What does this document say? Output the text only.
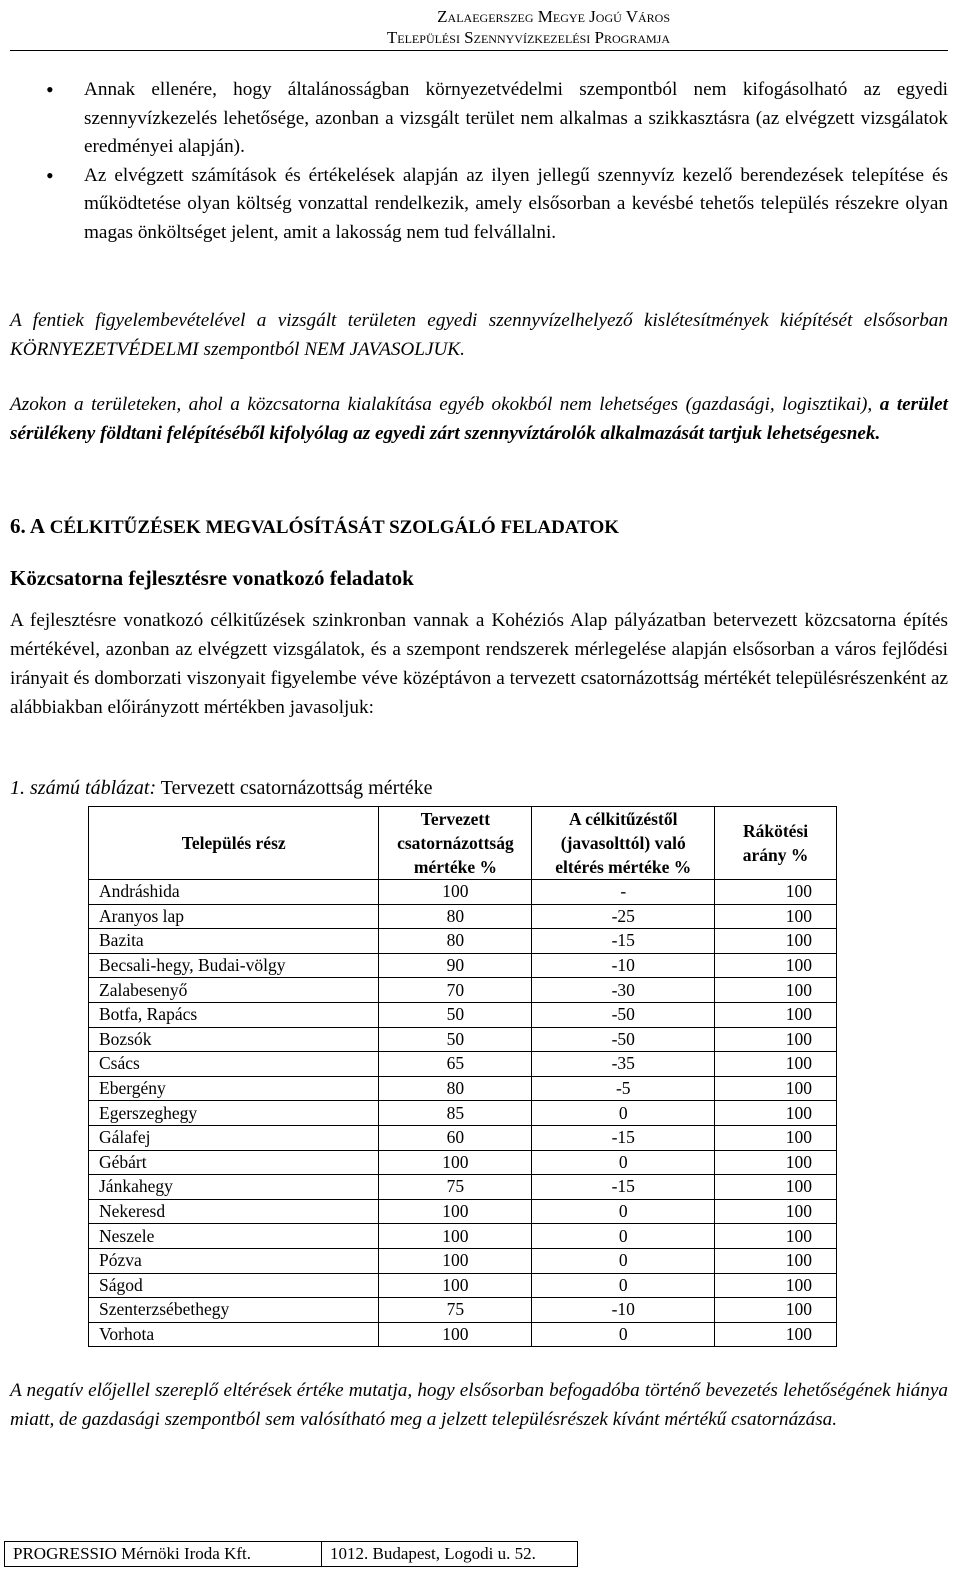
Zalaegerszeg Megye Jogú Város
Települési Szennyvízkezelési Programja
• Annak ellenére, hogy általánosságban környezetvédelmi szempontból nem kifogásolható az egyedi szennyvízkezelés lehetősége, azonban a vizsgált terület nem alkalmas a szikkasztásra (az elvégzett vizsgálatok eredményei alapján).
• Az elvégzett számítások és értékelések alapján az ilyen jellegű szennyvíz kezelő berendezések telepítése és működtetése olyan költség vonzattal rendelkezik, amely elsősorban a kevésbé tehetős település részekre olyan magas önköltséget jelent, amit a lakosság nem tud felvállalni.

A fentiek figyelembevételével a vizsgált területen egyedi szennyvízelhelyező kislétesítmények kiépítését elsősorban KÖRNYEZETVÉDELMI szempontból NEM JAVASOLJUK.

Azokon a területeken, ahol a közcsatorna kialakítása egyéb okokból nem lehetséges (gazdasági, logisztikai), a terület sérülékeny földtani felépítéséből kifolyólag az egyedi zárt szennyvíztárolók alkalmazását tartjuk lehetségesnek.

6. A CÉLKITŰZÉSEK MEGVALÓSÍTÁSÁT SZOLGÁLÓ FELADATOK
Közcsatorna fejlesztésre vonatkozó feladatok

A fejlesztésre vonatkozó célkitűzések szinkronban vannak a Kohéziós Alap pályázatban betervezett közcsatorna építés mértékével, azonban az elvégzett vizsgálatok, és a szempont rendszerek mérlegelése alapján elsősorban a város fejlődési irányait és domborzati viszonyait figyelembe véve középtávon a tervezett csatornázottság mértékét településrészenként az alábbiakban előirányzott mértékben javasoljuk:

1. számú táblázat: Tervezett csatornázottság mértéke
Település rész	Tervezett csatornázottság mértéke %	A célkitűzéstől (javasolttól) való eltérés mértéke %	Rákötési arány %
Andráshida	100	-	100
Aranyos lap	80	-25	100
Bazita	80	-15	100
Becsali-hegy, Budai-völgy	90	-10	100
Zalabesenyő	70	-30	100
Botfa, Rapács	50	-50	100
Bozsók	50	-50	100
Csács	65	-35	100
Ebergény	80	-5	100
Egerszeghegy	85	0	100
Gálafej	60	-15	100
Gébárt	100	0	100
Jánkahegy	75	-15	100
Nekeresd	100	0	100
Neszele	100	0	100
Pózva	100	0	100
Ságod	100	0	100
Szenterzsébethegy	75	-10	100
Vorhota	100	0	100

A negatív előjellel szereplő eltérések értéke mutatja, hogy elsősorban befogadóba történő bevezetés lehetőségének hiánya miatt, de gazdasági szempontból sem valósítható meg a jelzett településrészek kívánt mértékű csatornázása.

PROGRESSIO Mérnöki Iroda Kft.	1012. Budapest, Logodi u. 52.
